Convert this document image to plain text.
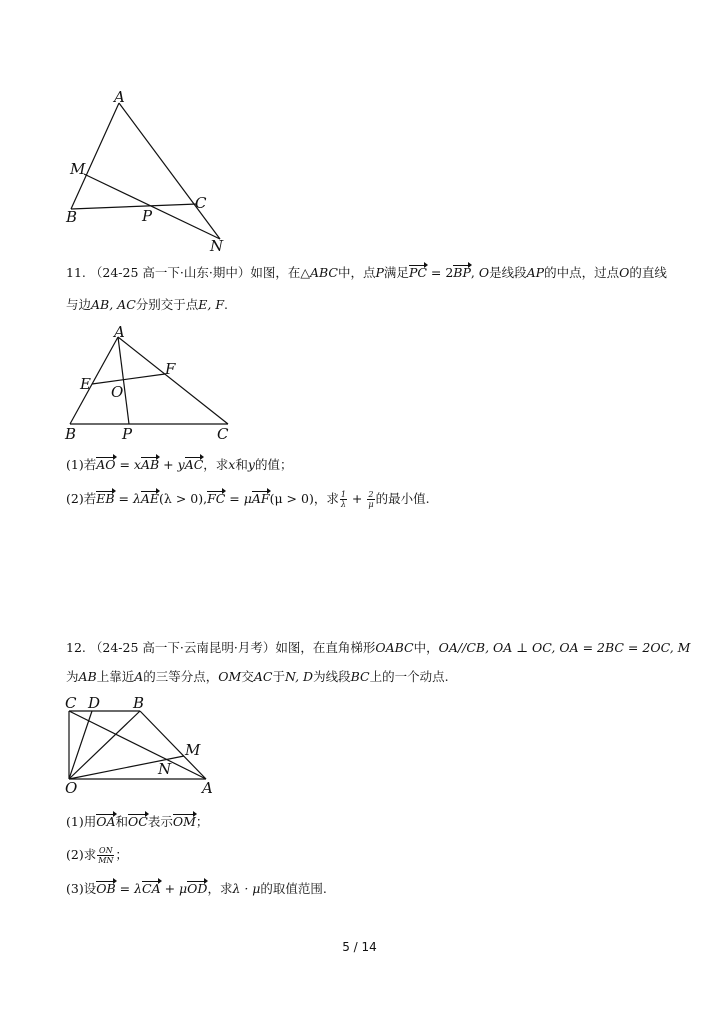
A
M
B	P
C
N
11. （24-25 高一下·山东·期中）如图，在△ABC中，点P满足PC = 2BP, O是线段AP的中点，过点O的直线
与边AB, AC分别交于点E, F.
A
E O
F
B	P	C
(1)若AO = xAB + yAC，求x和y的值；
(2)若EB = λAE(λ > 0),FC = μAF(μ > 0)，求 $\frac{1}{\lambda} + \frac{2}{\mu}$ 的最小值.
12. （24-25 高一下·云南昆明·月考）如图，在直角梯形OABC中，OA//CB, OA ⊥ OC, OA = 2BC = 2OC, M
为AB上靠近A的三等分点，OM交AC于N, D为线段BC上的一个动点.
C D B
M
N
O	A
(1)用OA和OC表示OM；
(2)求 $\frac{ON}{MN}$ ；
(3)设OB = λCA + μOD，求λ · μ的取值范围.
5 / 14
